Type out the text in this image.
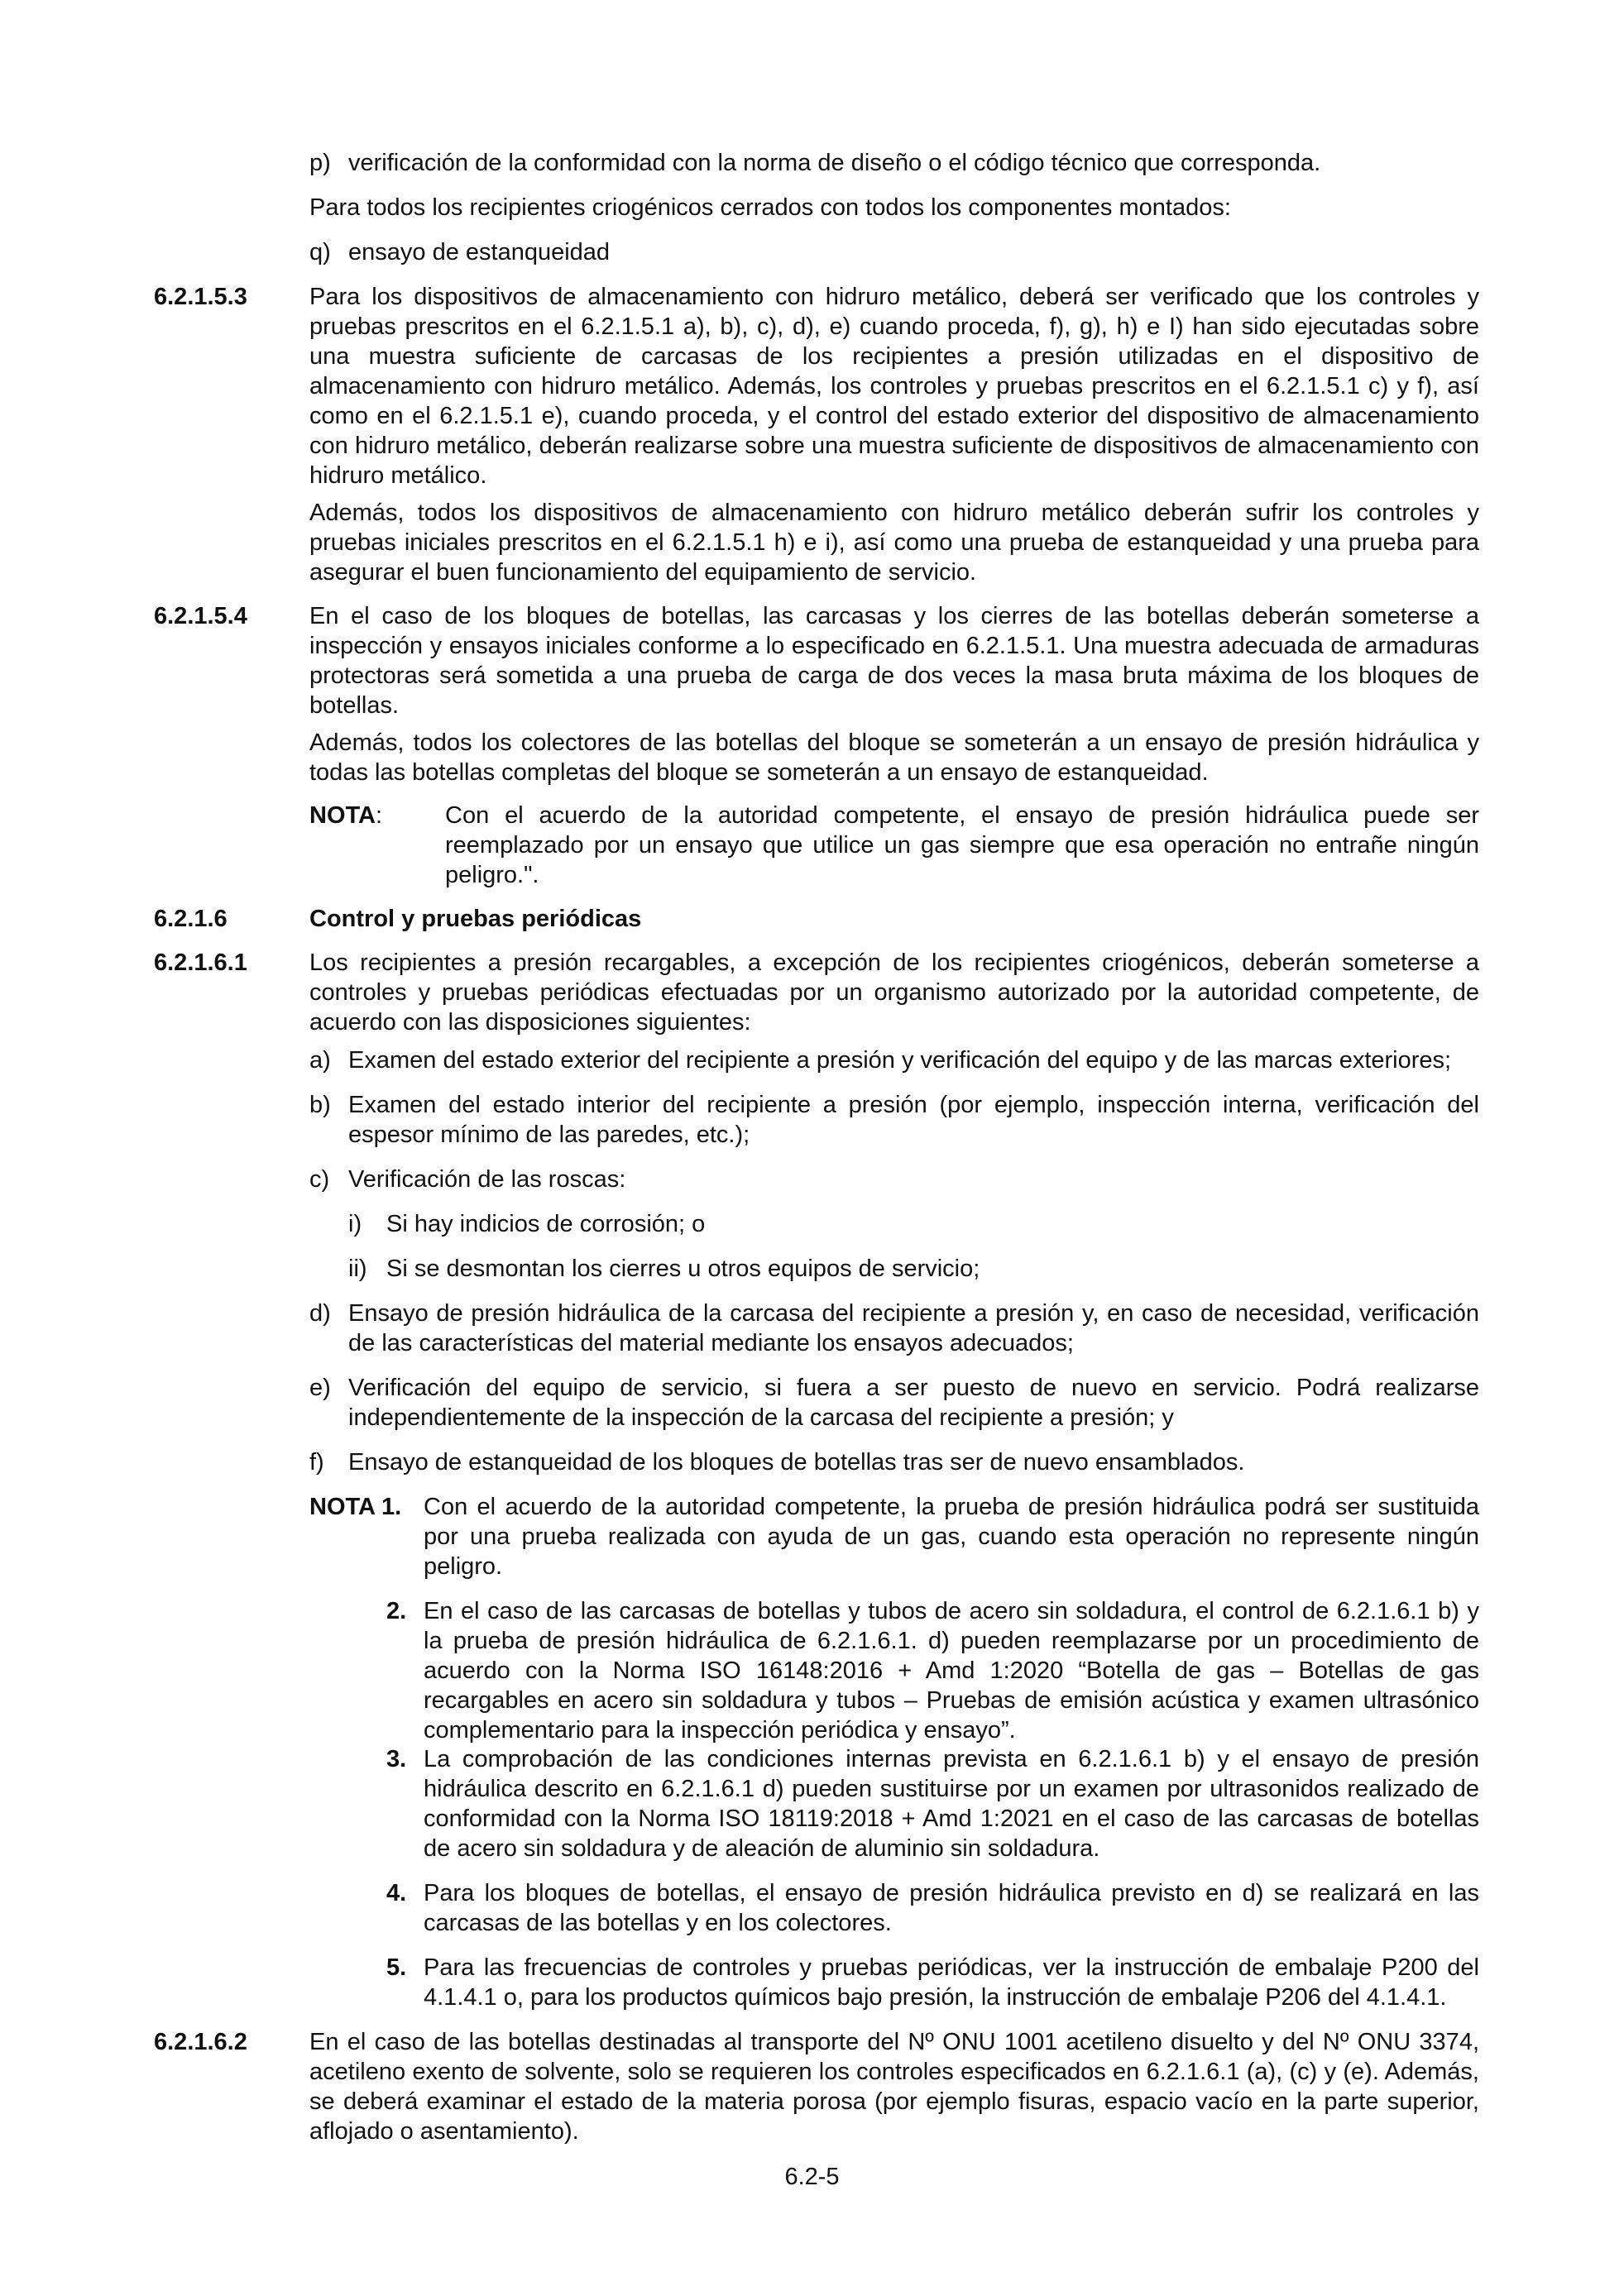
p) verificación de la conformidad con la norma de diseño o el código técnico que corresponda.
Para todos los recipientes criogénicos cerrados con todos los componentes montados:
q) ensayo de estanqueidad
6.2.1.5.3	Para los dispositivos de almacenamiento con hidruro metálico, deberá ser verificado que los controles y pruebas prescritos en el 6.2.1.5.1 a), b), c), d), e) cuando proceda, f), g), h) e I) han sido ejecutadas sobre una muestra suficiente de carcasas de los recipientes a presión utilizadas en el dispositivo de almacenamiento con hidruro metálico. Además, los controles y pruebas prescritos en el 6.2.1.5.1 c) y f), así como en el 6.2.1.5.1 e), cuando proceda, y el control del estado exterior del dispositivo de almacenamiento con hidruro metálico, deberán realizarse sobre una muestra suficiente de dispositivos de almacenamiento con hidruro metálico.
Además, todos los dispositivos de almacenamiento con hidruro metálico deberán sufrir los controles y pruebas iniciales prescritos en el 6.2.1.5.1 h) e i), así como una prueba de estanqueidad y una prueba para asegurar el buen funcionamiento del equipamiento de servicio.
6.2.1.5.4	En el caso de los bloques de botellas, las carcasas y los cierres de las botellas deberán someterse a inspección y ensayos iniciales conforme a lo especificado en 6.2.1.5.1. Una muestra adecuada de armaduras protectoras será sometida a una prueba de carga de dos veces la masa bruta máxima de los bloques de botellas.
Además, todos los colectores de las botellas del bloque se someterán a un ensayo de presión hidráulica y todas las botellas completas del bloque se someterán a un ensayo de estanqueidad.
NOTA:	Con el acuerdo de la autoridad competente, el ensayo de presión hidráulica puede ser reemplazado por un ensayo que utilice un gas siempre que esa operación no entrañe ningún peligro.".
6.2.1.6	Control y pruebas periódicas
6.2.1.6.1	Los recipientes a presión recargables, a excepción de los recipientes criogénicos, deberán someterse a controles y pruebas periódicas efectuadas por un organismo autorizado por la autoridad competente, de acuerdo con las disposiciones siguientes:
a) Examen del estado exterior del recipiente a presión y verificación del equipo y de las marcas exteriores;
b) Examen del estado interior del recipiente a presión (por ejemplo, inspección interna, verificación del espesor mínimo de las paredes, etc.);
c) Verificación de las roscas:
i) Si hay indicios de corrosión; o
ii) Si se desmontan los cierres u otros equipos de servicio;
d) Ensayo de presión hidráulica de la carcasa del recipiente a presión y, en caso de necesidad, verificación de las características del material mediante los ensayos adecuados;
e) Verificación del equipo de servicio, si fuera a ser puesto de nuevo en servicio. Podrá realizarse independientemente de la inspección de la carcasa del recipiente a presión; y
f) Ensayo de estanqueidad de los bloques de botellas tras ser de nuevo ensamblados.
NOTA 1. Con el acuerdo de la autoridad competente, la prueba de presión hidráulica podrá ser sustituida por una prueba realizada con ayuda de un gas, cuando esta operación no represente ningún peligro.
2. En el caso de las carcasas de botellas y tubos de acero sin soldadura, el control de 6.2.1.6.1 b) y la prueba de presión hidráulica de 6.2.1.6.1. d) pueden reemplazarse por un procedimiento de acuerdo con la Norma ISO 16148:2016 + Amd 1:2020 “Botella de gas – Botellas de gas recargables en acero sin soldadura y tubos – Pruebas de emisión acústica y examen ultrasónico complementario para la inspección periódica y ensayo”.
3. La comprobación de las condiciones internas prevista en 6.2.1.6.1 b) y el ensayo de presión hidráulica descrito en 6.2.1.6.1 d) pueden sustituirse por un examen por ultrasonidos realizado de conformidad con la Norma ISO 18119:2018 + Amd 1:2021 en el caso de las carcasas de botellas de acero sin soldadura y de aleación de aluminio sin soldadura.
4. Para los bloques de botellas, el ensayo de presión hidráulica previsto en d) se realizará en las carcasas de las botellas y en los colectores.
5. Para las frecuencias de controles y pruebas periódicas, ver la instrucción de embalaje P200 del 4.1.4.1 o, para los productos químicos bajo presión, la instrucción de embalaje P206 del 4.1.4.1.
6.2.1.6.2	En el caso de las botellas destinadas al transporte del Nº ONU 1001 acetileno disuelto y del Nº ONU 3374, acetileno exento de solvente, solo se requieren los controles especificados en 6.2.1.6.1 (a), (c) y (e). Además, se deberá examinar el estado de la materia porosa (por ejemplo fisuras, espacio vacío en la parte superior, aflojado o asentamiento).
6.2-5
